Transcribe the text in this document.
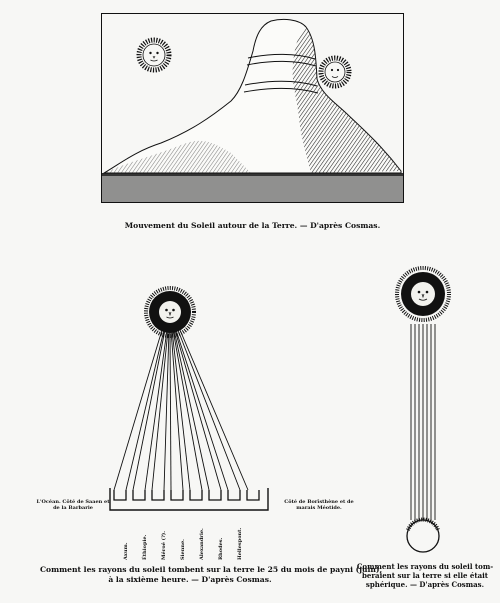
Mouvement du Soleil autour de la Terre. — D'après Cosmas.
L'Océan. Côté de Saaen et
de la Barbarie
Côté de Borîsthène et de
marais Méotide.
Axum.	Éthiopie.	Méroé (?).	Sienne.	Alexandrie.	Rhodes.	Hellespont.
Comment les rayons du soleil tombent sur la terre le 25 du mois de payni (juin),
à la sixième heure. — D'après Cosmas.
Comment les rayons du soleil tom-
beraient sur la terre si elle était
sphérique. — D'après Cosmas.
